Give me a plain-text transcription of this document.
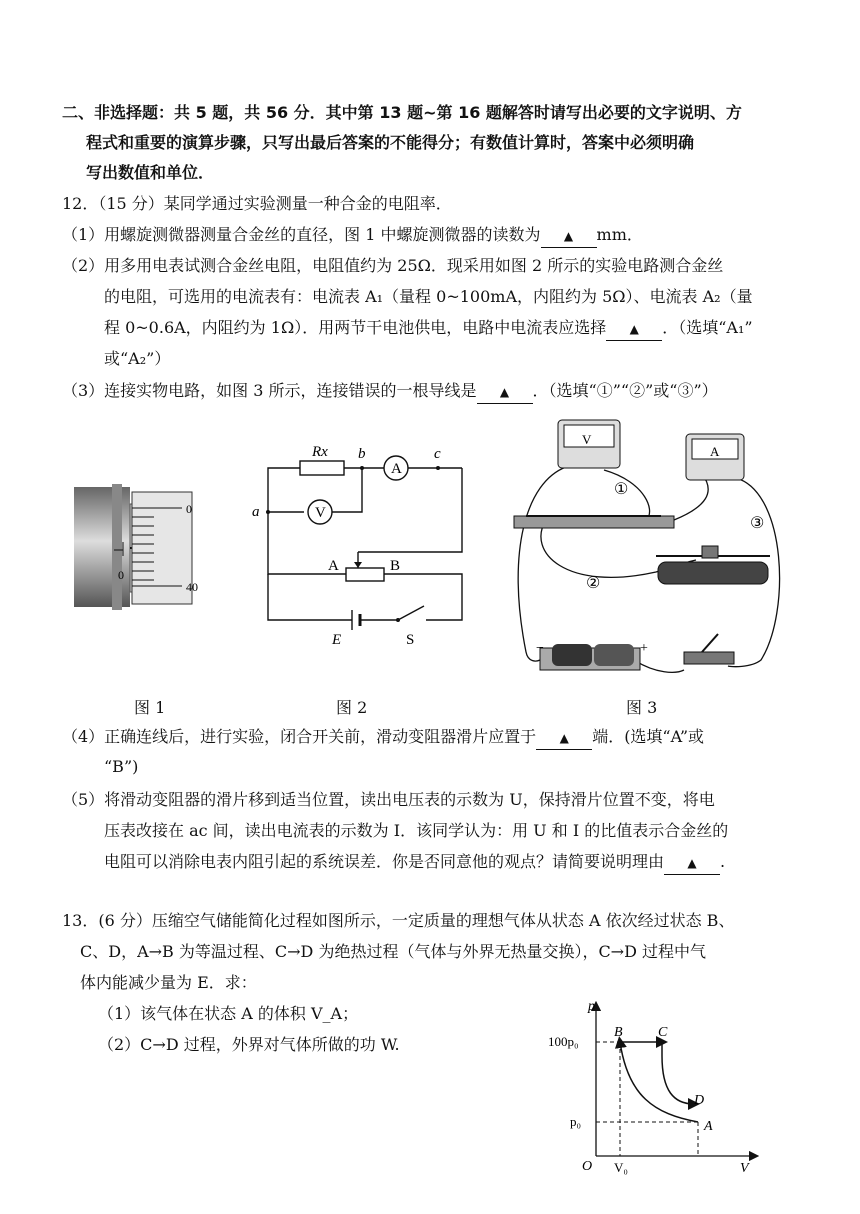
二、非选择题：共 5 题，共 56 分．其中第 13 题~第 16 题解答时请写出必要的文字说明、方
程式和重要的演算步骤，只写出最后答案的不能得分；有数值计算时，答案中必须明确
写出数值和单位．
12．（15 分）某同学通过实验测量一种合金的电阻率．
（1）用螺旋测微器测量合金丝的直径，图 1 中螺旋测微器的读数为 ▲ mm．
（2）用多用电表试测合金丝电阻，电阻值约为 25Ω．现采用如图 2 所示的实验电路测合金丝
的电阻，可选用的电流表有：电流表 A₁（量程 0~100mA，内阻约为 5Ω）、电流表 A₂（量
程 0~0.6A，内阻约为 1Ω）．用两节干电池供电，电路中电流表应选择 ▲ ．（选填“A₁”
或“A₂”）
（3）连接实物电路，如图 3 所示，连接错误的一根导线是 ▲ ．（选填“①”“②”或“③”）
0
40
0
Rx b	c
a
A
V
A	B
E	S
V
A
−	+
①
②
③
图 1	图 2	图 3
（4）正确连线后，进行实验，闭合开关前，滑动变阻器滑片应置于 ▲ 端．(选填“A”或
“B”)
（5）将滑动变阻器的滑片移到适当位置，读出电压表的示数为 U，保持滑片位置不变，将电
压表改接在 ac 间，读出电流表的示数为 I．该同学认为：用 U 和 I 的比值表示合金丝的
电阻可以消除电表内阻引起的系统误差．你是否同意他的观点？请简要说明理由 ▲ .
13．(6 分）压缩空气储能简化过程如图所示，一定质量的理想气体从状态 A 依次经过状态 B、
C、D，A→B 为等温过程、C→D 为绝热过程（气体与外界无热量交换），C→D 过程中气
体内能减少量为 E．求：
（1）该气体在状态 A 的体积 V_A；
（2）C→D 过程，外界对气体所做的功 W.
p
V
O
B	C
D
A
100p₀
p₀
V₀
